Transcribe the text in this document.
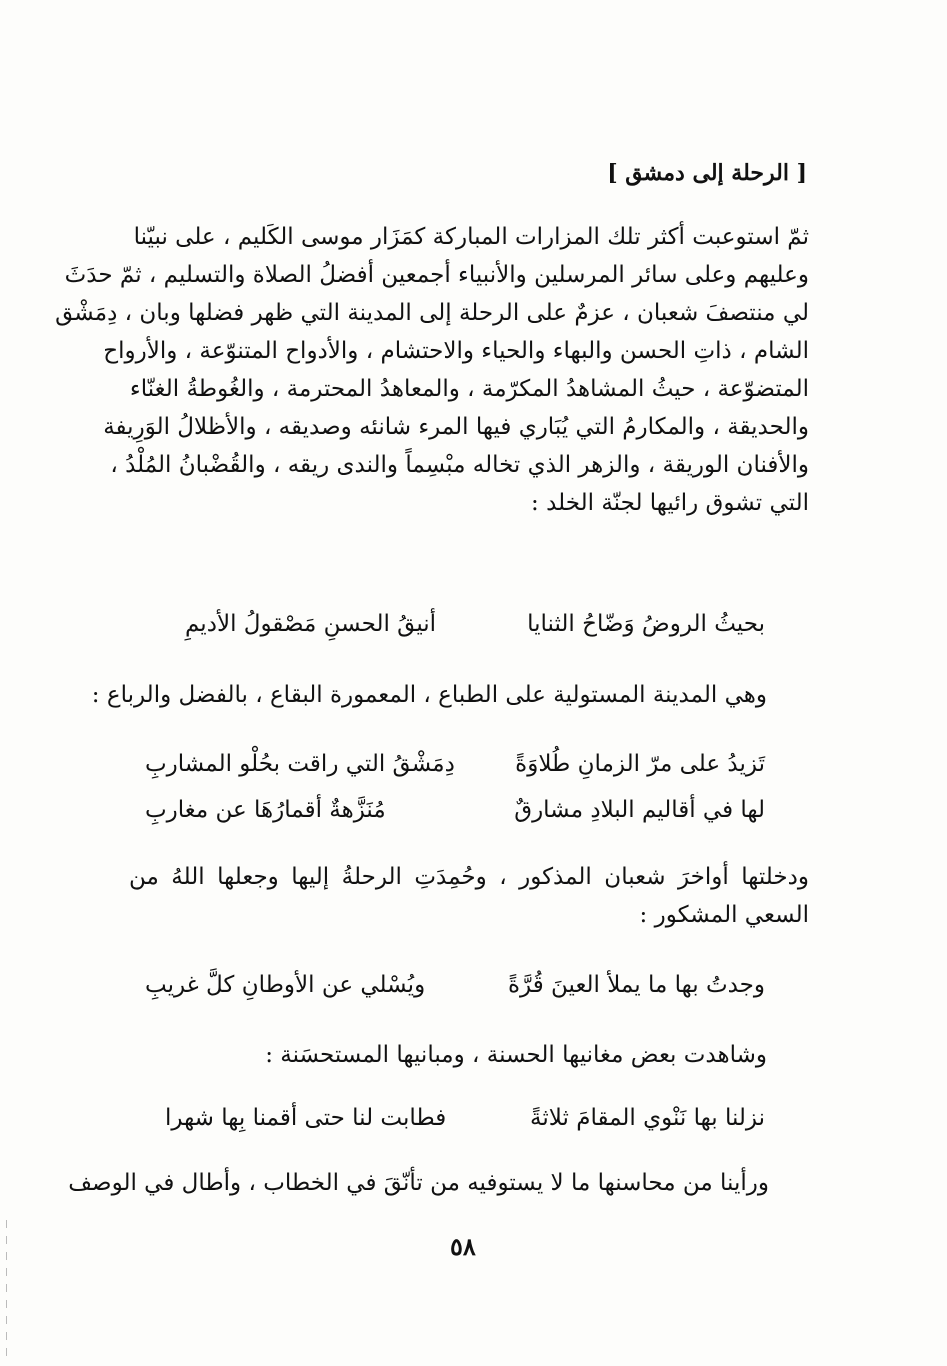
[ الرحلة إلى دمشق ]
ثمّ استوعبت أكثر تلك المزارات المباركة كمَزَار موسى الكَليم ، على نبيّنا
وعليهم وعلى سائر المرسلين والأنبياء أجمعين أفضلُ الصلاة والتسليم ، ثمّ حدَثَ
لي منتصفَ شعبان ، عزمٌ على الرحلة إلى المدينة التي ظهر فضلها وبان ، دِمَشْق
الشام ، ذاتِ الحسن والبهاء والحياء والاحتشام ، والأدواح المتنوّعة ، والأرواح
المتضوّعة ، حيثُ المشاهدُ المكرّمة ، والمعاهدُ المحترمة ، والغُوطةُ الغنّاء
والحديقة ، والمكارمُ التي يُبَاري فيها المرء شانئه وصديقه ، والأظلالُ الوَرِيفة
والأفنان الوريقة ، والزهر الذي تخاله مبْسِماً والندى ريقه ، والقُضْبانُ المُلْدُ ،
التي تشوق رائيها لجنّة الخلد :
بحيثُ الروضُ وَضّاحُ الثنايا
أنيقُ الحسنِ مَصْقولُ الأديمِ
وهي المدينة المستولية على الطباع ، المعمورة البقاع ، بالفضل والرباع :
تَزيدُ على مرّ الزمانِ طُلاوَةً
دِمَشْقُ التي راقت بحُلْو المشاربِ
لها في أقاليم البلادِ مشارقٌ
مُنَزَّهةٌ أقمارُهَا عن مغاربِ
ودخلتها أواخرَ شعبان المذكور ، وحُمِدَتِ الرحلةُ إليها وجعلها اللهُ من
السعي المشكور :
وجدتُ بها ما يملأ العينَ قُرَّةً
ويُسْلي عن الأوطانِ كلَّ غريبِ
وشاهدت بعض مغانيها الحسنة ، ومبانيها المستحسَنة :
نزلنا بها نَنْوي المقامَ ثلاثةً
فطابت لنا حتى أقمنا بِها شهرا
ورأينا من محاسنها ما لا يستوفيه من تأنّقَ في الخطاب ، وأطال في الوصف
٥٨
